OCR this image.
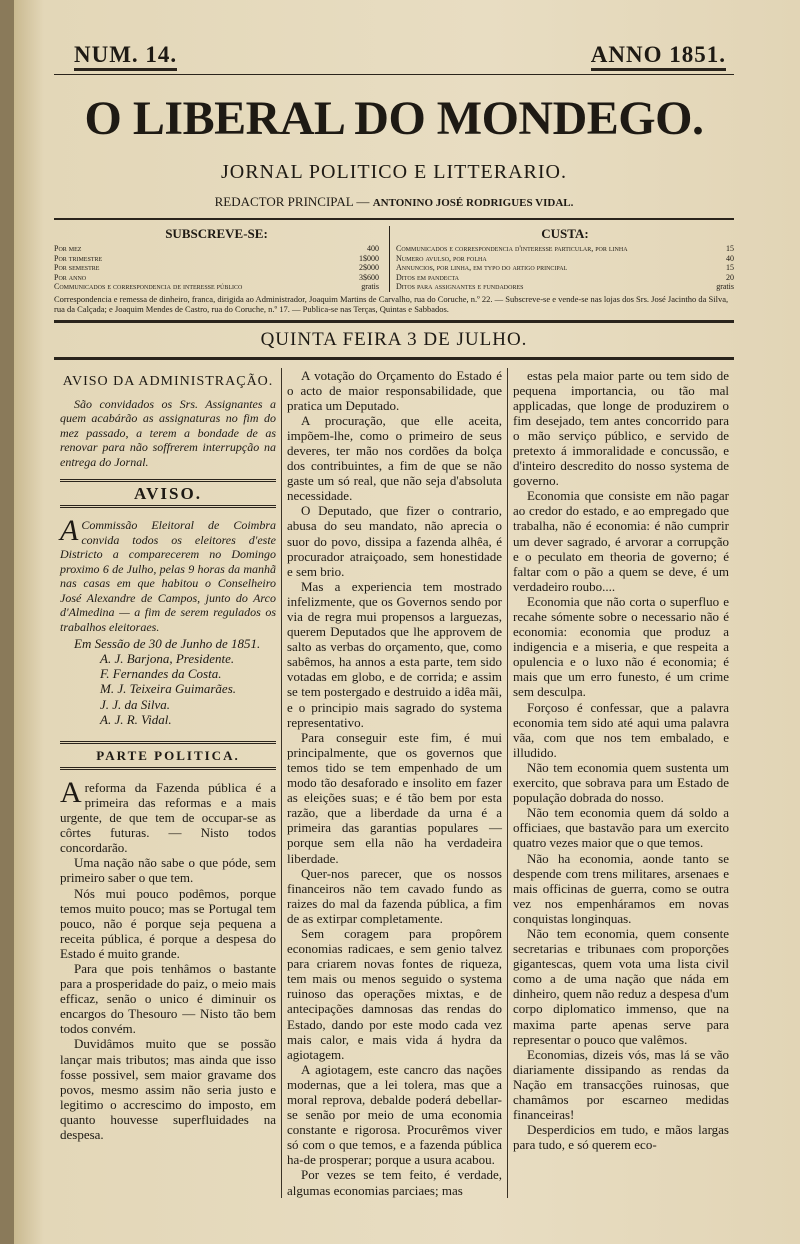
NUM. 14.	ANNO 1851.
O LIBERAL DO MONDEGO.
JORNAL POLITICO E LITTERARIO.
REDACTOR PRINCIPAL — ANTONINO JOSÉ RODRIGUES VIDAL.
SUBSCREVE-SE:
Por mez	400
Por trimestre	1$000
Por semestre	2$000
Por anno	3$600
Communicados e correspondencia de interesse público	gratis
CUSTA:
Communicados e correspondencia d'interesse particular, por linha	15
Numero avulso, por folha	40
Annuncios, por linha, em typo do artigo principal	15
Ditos em pandecta	20
Ditos para assignantes e fundadores	gratis
Correspondencia e remessa de dinheiro, franca, dirigida ao Administrador, Joaquim Martins de Carvalho, rua do Coruche, n.º 22. — Subscreve-se e vende-se nas lojas dos Srs. José Jacintho da Silva, rua da Calçada; e Joaquim Mendes de Castro, rua do Coruche, n.º 17. — Publica-se nas Terças, Quintas e Sabbados.
QUINTA FEIRA 3 DE JULHO.
AVISO DA ADMINISTRAÇÃO.

São convidados os Srs. Assignantes a quem acabárão as assignaturas no fim do mez passado, a terem a bondade de as renovar para não soffrerem interrupção na entrega do Jornal.

AVISO.
A Commissão Eleitoral de Coimbra convida todos os eleitores d'este Districto a comparecerem no Domingo proximo 6 de Julho, pelas 9 horas da manhã nas casas em que habitou o Conselheiro José Alexandre de Campos, junto do Arco d'Almedina — a fim de serem regulados os trabalhos eleitoraes.

Em Sessão de 30 de Junho de 1851.

A. J. Barjona, Presidente.
F. Fernandes da Costa.
M. J. Teixeira Guimarães.
J. J. da Silva.
A. J. R. Vidal.
PARTE POLITICA.

Areforma da Fazenda pública é a primeira das reformas e a mais urgente, de que tem de occupar-se as côrtes futuras. — Nisto todos concordarão.

Uma nação não sabe o que póde, sem primeiro saber o que tem.

Nós mui pouco podêmos, porque temos muito pouco; mas se Portugal tem pouco, não é porque seja pequena a receita pública, é porque a despesa do Estado é muito grande.

Para que pois tenhâmos o bastante para a prosperidade do paiz, o meio mais efficaz, senão o unico é diminuir os encargos do Thesouro — Nisto tão bem todos convém.

Duvidâmos muito que se possão lançar mais tributos; mas ainda que isso fosse possivel, sem maior gravame dos povos, mesmo assim não seria justo e legitimo o accrescimo do imposto, em quanto houvesse superfluidades na despesa.

A votação do Orçamento do Estado é o acto de maior responsabilidade, que pratica um Deputado.

A procuração, que elle aceita, impõem-lhe, como o primeiro de seus deveres, ter mão nos cordões da bolça dos contribuintes, a fim de que se não gaste um só real, que não seja d'absoluta necessidade.

O Deputado, que fizer o contrario, abusa do seu mandato, não aprecia o suor do povo, dissipa a fazenda alhêa, é procurador atraiçoado, sem honestidade e sem brio.

Mas a experiencia tem mostrado infelizmente, que os Governos sendo por via de regra mui propensos a larguezas, querem Deputados que lhe approvem de salto as verbas do orçamento, que, como sabêmos, ha annos a esta parte, tem sido votadas em globo, e de corrida; e assim se tem postergado e destruido a idêa mãi, e o principio mais sagrado do systema representativo.

Para conseguir este fim, é mui principalmente, que os governos que temos tido se tem empenhado de um modo tão desaforado e insolito em fazer as eleições suas; e é tão bem por esta razão, que a liberdade da urna é a primeira das garantias populares — porque sem ella não ha verdadeira liberdade.

Quer-nos parecer, que os nossos financeiros não tem cavado fundo as raizes do mal da fazenda pública, a fim de as extirpar completamente.

Sem coragem para propôrem economias radicaes, e sem genio talvez para criarem novas fontes de riqueza, tem mais ou menos seguido o systema ruinoso das operações mixtas, e de antecipações damnosas das rendas do Estado, dando por este modo cada vez mais calor, e mais vida á hydra da agiotagem.

A agiotagem, este cancro das nações modernas, que a lei tolera, mas que a moral reprova, debalde poderá debellar-se senão por meio de uma economia constante e rigorosa. Procurêmos viver só com o que temos, e a fazenda pública ha-de prosperar; porque a usura acabou.

Por vezes se tem feito, é verdade, algumas economias parciaes; mas

estas pela maior parte ou tem sido de pequena importancia, ou tão mal applicadas, que longe de produzirem o fim desejado, tem antes concorrido para o mão serviço público, e servido de pretexto á immoralidade e concussão, e d'inteiro descredito do nosso systema de governo.

Economia que consiste em não pagar ao credor do estado, e ao empregado que trabalha, não é economia: é não cumprir um dever sagrado, é arvorar a corrupção e o peculato em theoria de governo; é faltar com o pão a quem se deve, é um verdadeiro roubo....

Economia que não corta o superfluo e recahe sómente sobre o necessario não é economia: economia que produz a indigencia e a miseria, e que respeita a opulencia e o luxo não é economia; é mais que um erro funesto, é um crime sem desculpa.

Forçoso é confessar, que a palavra economia tem sido até aqui uma palavra vãa, com que nos tem embalado, e illudido.

Não tem economia quem sustenta um exercito, que sobrava para um Estado de população dobrada do nosso.

Não tem economia quem dá soldo a officiaes, que bastavão para um exercito quatro vezes maior que o que temos.

Não ha economia, aonde tanto se despende com trens militares, arsenaes e mais officinas de guerra, como se outra vez nos empenháramos em novas conquistas longinquas.

Não tem economia, quem consente secretarias e tribunaes com proporções gigantescas, quem vota uma lista civil como a de uma nação que náda em dinheiro, quem não reduz a despesa d'um corpo diplomatico immenso, que na maxima parte apenas serve para representar o pouco que valêmos.

Economias, dizeis vós, mas lá se vão diariamente dissipando as rendas da Nação em transacções ruinosas, que chamâmos por escarneo medidas financeiras!

Desperdicios em tudo, e mãos largas para tudo, e só querem eco-
